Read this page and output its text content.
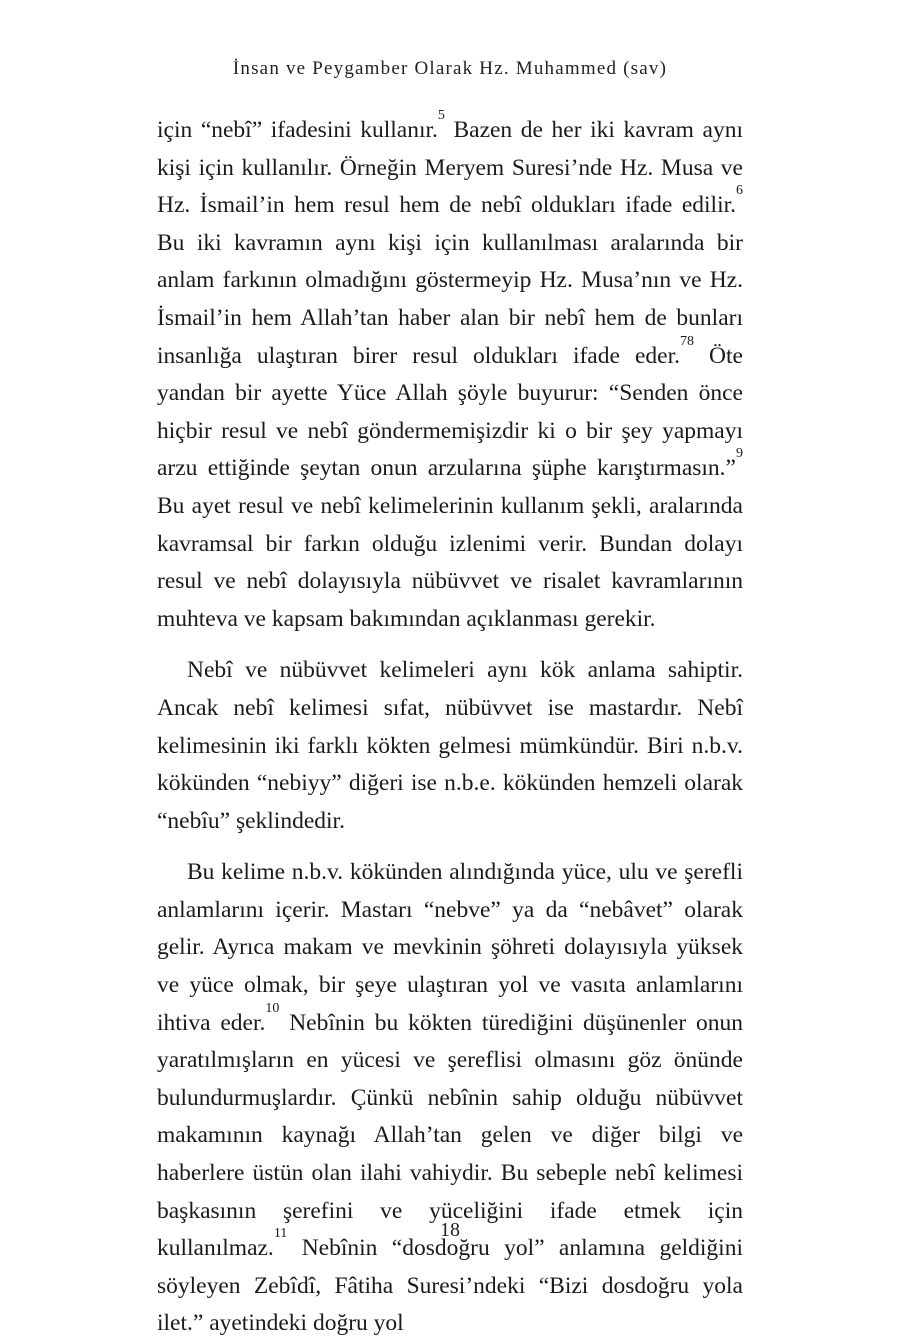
İnsan ve Peygamber Olarak Hz. Muhammed (sav)

için “nebî” ifadesini kullanır.$^5$ Bazen de her iki kavram aynı kişi için kullanılır. Örneğin Meryem Suresi’nde Hz. Musa ve Hz. İsmail’in hem resul hem de nebî oldukları ifade edilir.$^6$ Bu iki kavramın aynı kişi için kullanılması aralarında bir anlam farkının olmadığını göstermeyip Hz. Musa’nın ve Hz. İsmail’in hem Allah’tan haber alan bir nebî hem de bunları insanlığa ulaştıran birer resul oldukları ifade eder.$^{78}$ Öte yandan bir ayette Yüce Allah şöyle buyurur: “Senden önce hiçbir resul ve nebî göndermemişizdir ki o bir şey yapmayı arzu ettiğinde şeytan onun arzularına şüphe karıştırmasın.”$^9$ Bu ayet resul ve nebî kelimelerinin kullanım şekli, aralarında kavramsal bir farkın olduğu izlenimi verir. Bundan dolayı resul ve nebî dolayısıyla nübüvvet ve risalet kavramlarının muhteva ve kapsam bakımından açıklanması gerekir.

Nebî ve nübüvvet kelimeleri aynı kök anlama sahiptir. Ancak nebî kelimesi sıfat, nübüvvet ise mastardır. Nebî kelimesinin iki farklı kökten gelmesi mümkündür. Biri n.b.v. kökünden “nebiyy” diğeri ise n.b.e. kökünden hemzeli olarak “nebîu” şeklindedir.

Bu kelime n.b.v. kökünden alındığında yüce, ulu ve şerefli anlamlarını içerir. Mastarı “nebve” ya da “nebâvet” olarak gelir. Ayrıca makam ve mevkinin şöhreti dolayısıyla yüksek ve yüce olmak, bir şeye ulaştıran yol ve vasıta anlamlarını ihtiva eder.$^{10}$ Nebînin bu kökten türediğini düşünenler onun yaratılmışların en yücesi ve şereflisi olmasını göz önünde bulundurmuşlardır. Çünkü nebînin sahip olduğu nübüvvet makamının kaynağı Allah’tan gelen ve diğer bilgi ve haberlere üstün olan ilahi vahiydir. Bu sebeple nebî kelimesi başkasının şerefini ve yüceliğini ifade etmek için kullanılmaz.$^{11}$ Nebînin “dosdoğru yol” anlamına geldiğini söyleyen Zebîdî, Fâtiha Suresi’ndeki “Bizi dosdoğru yola ilet.” ayetindeki doğru yol

18
